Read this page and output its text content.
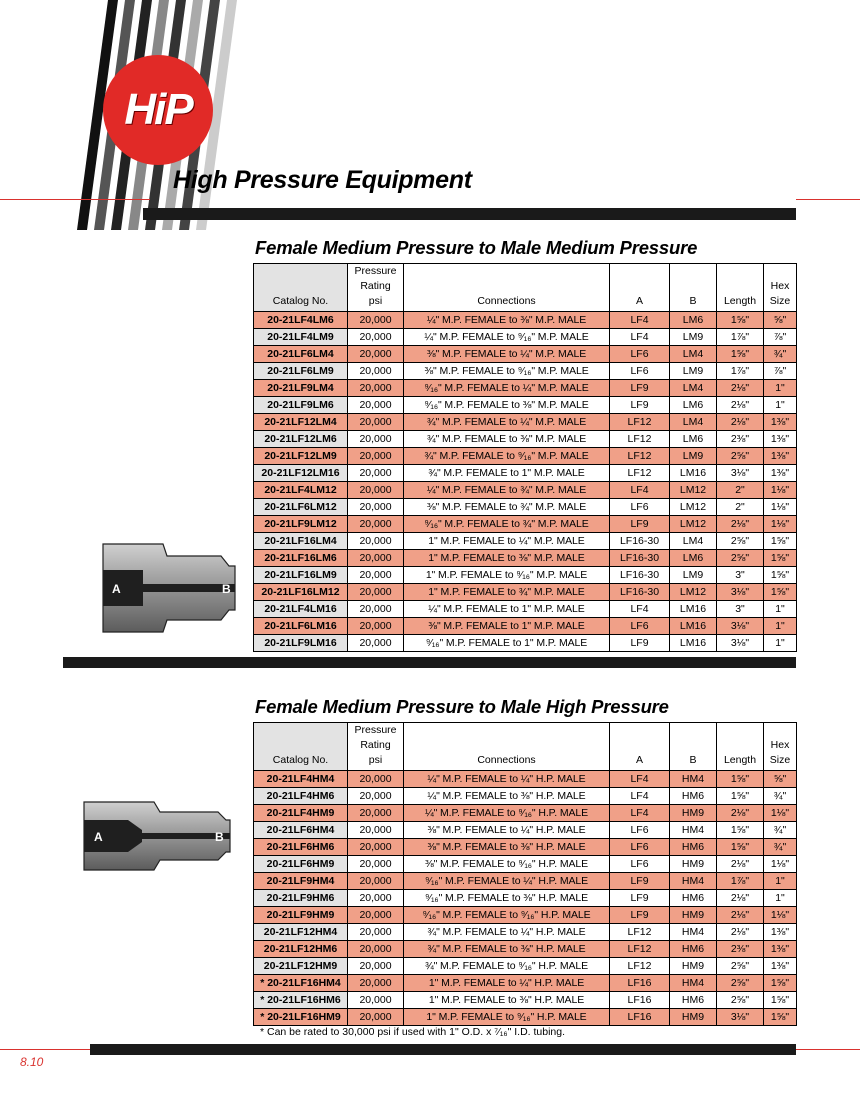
HiP
High Pressure Equipment
Female Medium Pressure to Male Medium Pressure
Catalog No.	Pressure
Rating
psi	Connections	A	B	Length	Hex
Size
20-21LF4LM6	20,000	¼" M.P. FEMALE to ⅜" M.P. MALE	LF4	LM6	1⅝"	⅝"
20-21LF4LM9	20,000	¼" M.P. FEMALE to ⁹⁄₁₆" M.P. MALE	LF4	LM9	1⅞"	⅞"
20-21LF6LM4	20,000	⅜" M.P. FEMALE to ¼" M.P. MALE	LF6	LM4	1⅝"	¾"
20-21LF6LM9	20,000	⅜" M.P. FEMALE to ⁹⁄₁₆" M.P. MALE	LF6	LM9	1⅞"	⅞"
20-21LF9LM4	20,000	⁹⁄₁₆" M.P. FEMALE to ¼" M.P. MALE	LF9	LM4	2⅛"	1"
20-21LF9LM6	20,000	⁹⁄₁₆" M.P. FEMALE to ⅜" M.P. MALE	LF9	LM6	2⅛"	1"
20-21LF12LM4	20,000	¾" M.P. FEMALE to ¼" M.P. MALE	LF12	LM4	2⅛"	1⅜"
20-21LF12LM6	20,000	¾" M.P. FEMALE to ⅜" M.P. MALE	LF12	LM6	2⅜"	1⅜"
20-21LF12LM9	20,000	¾" M.P. FEMALE to ⁹⁄₁₆" M.P. MALE	LF12	LM9	2⅝"	1⅜"
20-21LF12LM16	20,000	¾" M.P. FEMALE to 1" M.P. MALE	LF12	LM16	3⅛"	1⅜"
20-21LF4LM12	20,000	¼" M.P. FEMALE to ¾" M.P. MALE	LF4	LM12	2"	1⅛"
20-21LF6LM12	20,000	⅜" M.P. FEMALE to ¾" M.P. MALE	LF6	LM12	2"	1⅛"
20-21LF9LM12	20,000	⁹⁄₁₆" M.P. FEMALE to ¾" M.P. MALE	LF9	LM12	2⅛"	1⅛"
20-21LF16LM4	20,000	1" M.P. FEMALE to ¼" M.P. MALE	LF16-30	LM4	2⅝"	1⅝"
20-21LF16LM6	20,000	1" M.P. FEMALE to ⅜" M.P. MALE	LF16-30	LM6	2⅝"	1⅝"
20-21LF16LM9	20,000	1" M.P. FEMALE to ⁹⁄₁₆" M.P. MALE	LF16-30	LM9	3"	1⅝"
20-21LF16LM12	20,000	1" M.P. FEMALE to ¾" M.P. MALE	LF16-30	LM12	3⅛"	1⅝"
20-21LF4LM16	20,000	¼" M.P. FEMALE to 1" M.P. MALE	LF4	LM16	3"	1"
20-21LF6LM16	20,000	⅜" M.P. FEMALE to 1" M.P. MALE	LF6	LM16	3⅛"	1"
20-21LF9LM16	20,000	⁹⁄₁₆" M.P. FEMALE to 1" M.P. MALE	LF9	LM16	3⅛"	1"
A	B
Female Medium Pressure to Male High Pressure
Catalog No.	Pressure
Rating
psi	Connections	A	B	Length	Hex
Size
20-21LF4HM4	20,000	¼" M.P. FEMALE to ¼" H.P. MALE	LF4	HM4	1⅝"	⅝"
20-21LF4HM6	20,000	¼" M.P. FEMALE to ⅜" H.P. MALE	LF4	HM6	1⅝"	¾"
20-21LF4HM9	20,000	¼" M.P. FEMALE to ⁹⁄₁₆" H.P. MALE	LF4	HM9	2⅛"	1⅛"
20-21LF6HM4	20,000	⅜" M.P. FEMALE to ¼" H.P. MALE	LF6	HM4	1⅝"	¾"
20-21LF6HM6	20,000	⅜" M.P. FEMALE to ⅜" H.P. MALE	LF6	HM6	1⅝"	¾"
20-21LF6HM9	20,000	⅜" M.P. FEMALE to ⁹⁄₁₆" H.P. MALE	LF6	HM9	2⅛"	1⅛"
20-21LF9HM4	20,000	⁹⁄₁₆" M.P. FEMALE to ¼" H.P. MALE	LF9	HM4	1⅞"	1"
20-21LF9HM6	20,000	⁹⁄₁₆" M.P. FEMALE to ⅜" H.P. MALE	LF9	HM6	2⅛"	1"
20-21LF9HM9	20,000	⁹⁄₁₆" M.P. FEMALE to ⁹⁄₁₆" H.P. MALE	LF9	HM9	2⅛"	1⅛"
20-21LF12HM4	20,000	¾" M.P. FEMALE to ¼" H.P. MALE	LF12	HM4	2⅛"	1⅜"
20-21LF12HM6	20,000	¾" M.P. FEMALE to ⅜" H.P. MALE	LF12	HM6	2⅜"	1⅜"
20-21LF12HM9	20,000	¾" M.P. FEMALE to ⁹⁄₁₆" H.P. MALE	LF12	HM9	2⅝"	1⅜"
* 20-21LF16HM4	20,000	1" M.P. FEMALE to ¼" H.P. MALE	LF16	HM4	2⅝"	1⅝"
* 20-21LF16HM6	20,000	1" M.P. FEMALE to ⅜" H.P. MALE	LF16	HM6	2⅝"	1⅝"
* 20-21LF16HM9	20,000	1" M.P. FEMALE to ⁹⁄₁₆" H.P. MALE	LF16	HM9	3⅛"	1⅝"
A	B
* Can be rated to 30,000 psi if used with 1" O.D. x ⁷⁄₁₆" I.D. tubing.
8.10
